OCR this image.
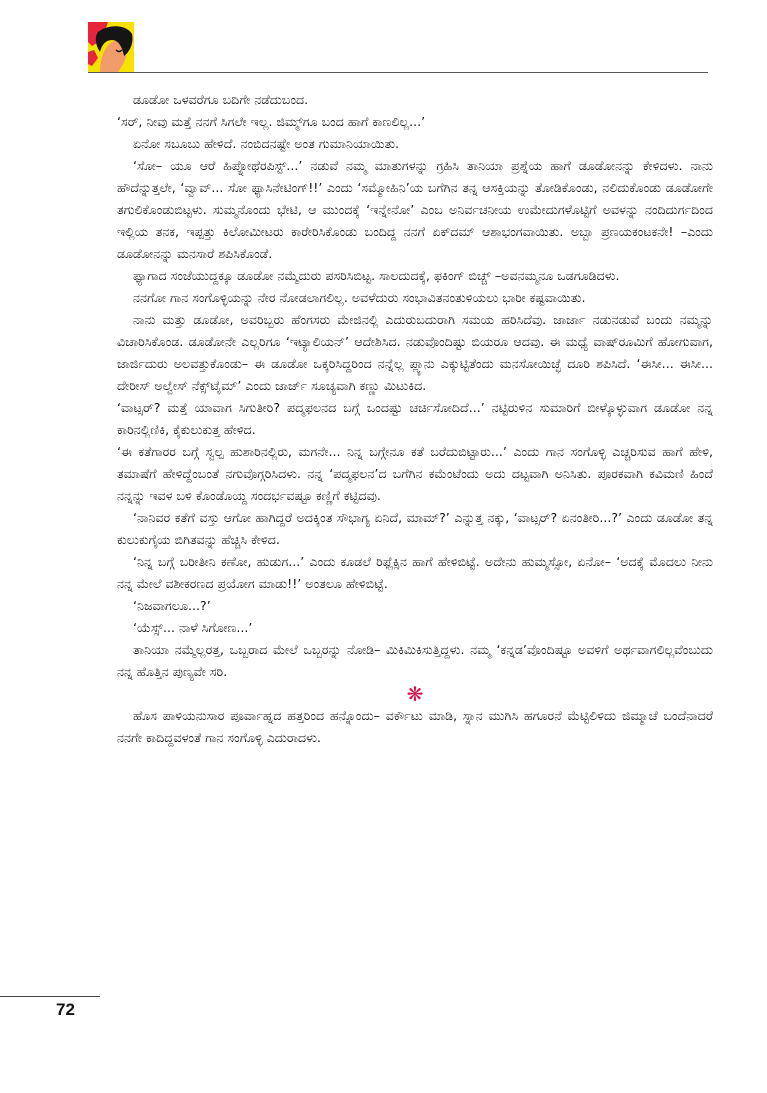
ಡೂಡೋ ಒಳವರೆಗೂ ಬದಿಗೇ ನಡೆದುಬಂದ.

‘ಸರ್, ನೀವು ಮತ್ತೆ ನನಗೆ ಸಿಗಲೇ ಇಲ್ಲ. ಜಿಮ್ಮ್‌ಗೂ ಬಂದ ಹಾಗೆ ಕಾಣಲಿಲ್ಲ...’

ಏನೋ ಸಬೂಬು ಹೇಳಿದೆ. ನಂಬಿದನಷ್ಟೇ ಅಂತ ಗುಮಾನಿಯಾಯಿತು.

‘ಸೋ– ಯೂ ಆರೆ ಹಿಪ್ನೋಥೆರಪಿಸ್ಟ್...’ ನಡುವೆ ನಮ್ಮ ಮಾತುಗಳನ್ನು ಗ್ರಹಿಸಿ ತಾನಿಯಾ ಪ್ರಶ್ನೆಯ ಹಾಗೆ ಡೂಡೋನನ್ನು ಕೇಳಿದಳು. ನಾನು ಹೌದೆನ್ನುತ್ತಲೇ, ‘ವ್ವಾವ್... ಸೋ ಫ್ಯಾಸಿನೇಟಿಂಗ್!!’ ಎಂದು ‘ಸಮ್ಮೋಹಿನಿ’ಯ ಬಗೆಗಿನ ತನ್ನ ಆಸಕ್ತಿಯನ್ನು ತೋಡಿಕೊಂಡು, ನಲಿದುಕೊಂಡು ಡೂಡೋಗೇ ತಗುಲಿಕೊಂಡುಬಿಟ್ಟಳು. ಸುಮ್ಮನೊಂದು ಭೇಟಿ, ಆ ಮುಂದಕ್ಕೆ ‘ಇನ್ನೇನೋ’ ಎಂಬ ಅನಿರ್ವಚನೀಯ ಉಮೇದುಗಳೊಟ್ಟಿಗೆ ಅವಳನ್ನು ನಂದಿದುರ್ಗದಿಂದ ಇಲ್ಲಿಯ ತನಕ, ಇಪ್ಪತ್ತು ಕಿಲೋಮೀಟರು ಕಾರೇರಿಸಿಕೊಂಡು ಬಂದಿದ್ದ ನನಗೆ ಏಕ್‌ದಮ್ ಆಶಾಭಂಗವಾಯಿತು. ಅಬ್ಬಾ ಪ್ರಣಯಕಂಟಕನೇ! –ಎಂದು ಡೂಡೋನನ್ನು ಮನಸಾರೆ ಶಪಿಸಿಕೊಂಡೆ.

ಫ್ಯಾಗಾದ ಸಂಜೆಯುದ್ದಕ್ಕೂ ಡೂಡೋ ನಮ್ಮೆದುರು ಪಸರಿಸಿಬಿಟ್ಟ. ಸಾಲದುದಕ್ಕೆ, ಫಕಿಂಗ್ ಬಿಚ್ಚ್ –ಅವನಮ್ಮನೂ ಒಡಗೂಡಿದಳು.

ನನಗೋ ಗಾನ ಸಂಗೊಳ್ಳಿಯನ್ನು ನೇರ ನೋಡಲಾಗಲಿಲ್ಲ. ಅವಳೆದುರು ಸಂಭಾವಿತನಂತುಳಿಯಲು ಭಾರೀ ಕಷ್ಟವಾಯಿತು.

ನಾನು ಮತ್ತು ಡೂಡೋ, ಅವರಿಬ್ಬರು ಹೆಂಗಸರು ಮೇಜಿನಲ್ಲಿ ಎದುರುಬದುರಾಗಿ ಸಮಯ ಹರಿಸಿದೆವು. ಜಾರ್ಜಾ ನಡುನಡುವೆ ಬಂದು ನಮ್ಮನ್ನು ವಿಚಾರಿಸಿಕೊಂಡ. ಡೂಡೋನೇ ಎಲ್ಲರಿಗೂ ‘ಇಟ್ಯಾಲಿಯನ್’ ಆದೇಶಿಸಿದ. ನಡುವೊಂದಿಷ್ಟು ಬಿಯರೂ ಆದವು. ಈ ಮಧ್ಯೆ ವಾಷ್‌ರೂಮಿಗೆ ಹೋಗುವಾಗ, ಜಾರ್ಜಿದುರು ಅಲವತ್ತುಕೊಂಡು– ಈ ಡೂಡೋ ಒಕ್ಕರಿಸಿದ್ದರಿಂದ ನನ್ನೆಲ್ಲ ಪ್ಲ್ಯಾನು ಎಕ್ಕುಟ್ಟಿತೆಂದು ಮನಸೋಯಿಚ್ಛೆ ದೂರಿ ಶಪಿಸಿದೆ. ‘ಈಸೀ... ಈಸೀ... ದೇರೀಸ್ ಅಲ್ವೇಸ್ ನೆಕ್ಸ್‌ಟೈಮ್’ ಎಂದು ಜಾರ್ಜ್ ಸೂಚ್ಯವಾಗಿ ಕಣ್ಣು ಮಿಟುಕಿದ.

‘ವಾಟ್ಸರ್? ಮತ್ತೆ ಯಾವಾಗ ಸಿಗುತೀರಿ? ಪದ್ಮಫಲನದ ಬಗ್ಗೆ ಒಂದಷ್ಟು ಚರ್ಚಿಸೋದಿದೆ...’ ನಟ್ಟಿರುಳಿನ ಸುಮಾರಿಗೆ ಬೀಳ್ಕೊಳ್ಳುವಾಗ ಡೂಡೋ ನನ್ನ ಕಾರಿನಲ್ಲಿಣಿಕಿ, ಕೈಕುಲುಕುತ್ತ ಹೇಳಿದ.

‘ಈ ಕತೆಗಾರರ ಬಗ್ಗೆ ಸ್ವಲ್ಪ ಹುಶಾರಿನಲ್ಲಿರು, ಮಗನೇ... ನಿನ್ನ ಬಗ್ಗೇನೂ ಕತೆ ಬರೆದುಬಿಟ್ಟಾರು...’ ಎಂದು ಗಾನ ಸಂಗೊಳ್ಳಿ ಎಚ್ಚರಿಸುವ ಹಾಗೆ ಹೇಳಿ, ತಮಾಷೆಗೆ ಹೇಳಿದ್ದೆಂಬಂತೆ ನಗುವೊಗ್ಗರಿಸಿದಳು. ನನ್ನ ‘ಪದ್ಮಫಲನ’ದ ಬಗೆಗಿನ ಕಮೆಂಟೆಂದು ಅದು ದಟ್ಟವಾಗಿ ಅನಿಸಿತು. ಪೂರಕವಾಗಿ ಕವಿಮಣಿ ಹಿಂದೆ ನನ್ನನ್ನು ಇವಳ ಬಳಿ ಕೊಂಡೊಯ್ದ ಸಂದರ್ಭವಷ್ಟೂ ಕಣ್ಣಿಗೆ ಕಟ್ಟಿದವು.

‘ನಾನಿವರ ಕತೆಗೆ ವಸ್ತು ಆಗೋ ಹಾಗಿದ್ದರೆ ಅದಕ್ಕಿಂತ ಸೌಭಾಗ್ಯ ಏನಿದೆ, ಮಾಮ್?’ ಎನ್ನುತ್ತ ನಕ್ಕು, ‘ವಾಟ್ಸರ್? ಏನಂತೀರಿ...?’ ಎಂದು ಡೂಡೋ ತನ್ನ ಕುಲುಕುಗೈಯ ಬಿಗಿತವನ್ನು ಹೆಚ್ಚಿಸಿ ಕೇಳಿದ.

‘ನಿನ್ನ ಬಗ್ಗೆ ಬರೀತೀನಿ ಕಣೋ, ಹುಡುಗ...’ ಎಂದು ಕೂಡಲೆ ರಿಫ್ಲೆಕ್ಸಿನ ಹಾಗೆ ಹೇಳಿಬಿಟ್ಟೆ. ಅದೇನು ಹುಮ್ಮಸ್ಸೋ, ಏನೋ– ‘ಅದಕ್ಕೆ ಮೊದಲು ನೀನು ನನ್ನ ಮೇಲೆ ವಶೀಕರಣದ ಪ್ರಯೋಗ ಮಾಡು!!’ ಅಂತಲೂ ಹೇಳಿಬಿಟ್ಟೆ.

‘ನಿಜವಾಗಲೂ...?’

‘ಯೆಸ್ಸ್... ನಾಳೆ ಸಿಗೋಣ...’

ತಾನಿಯಾ ನಮ್ಮೆಲ್ಲರತ್ತ, ಒಬ್ಬರಾದ ಮೇಲೆ ಒಬ್ಬರನ್ನು ನೋಡಿ– ಮಿಕಿಮಿಕಿಸುತ್ತಿದ್ದಳು. ನಮ್ಮ ‘ಕನ್ನಡ’ವೊಂದಿಷ್ಟೂ ಅವಳಿಗೆ ಅರ್ಥವಾಗಲಿಲ್ಲವೆಂಬುದು ನನ್ನ ಹೊತ್ತಿನ ಪುಣ್ಯವೇ ಸರಿ.

❋

ಹೊಸ ಪಾಳಿಯನುಸಾರ ಪೂರ್ವಾಹ್ನದ ಹತ್ತರಿಂದ ಹನ್ನೊಂದು– ವರ್ಕೌಟು ಮಾಡಿ, ಸ್ನಾನ ಮುಗಿಸಿ ಹಗೂರನೆ ಮೆಟ್ಟಿಲಿಳಿದು ಜಿಮ್ಮಾಚೆ ಬಂದೆನಾದರೆ ನನಗೇ ಕಾದಿದ್ದವಳಂತೆ ಗಾನ ಸಂಗೊಳ್ಳಿ ಎದುರಾದಳು.

72
